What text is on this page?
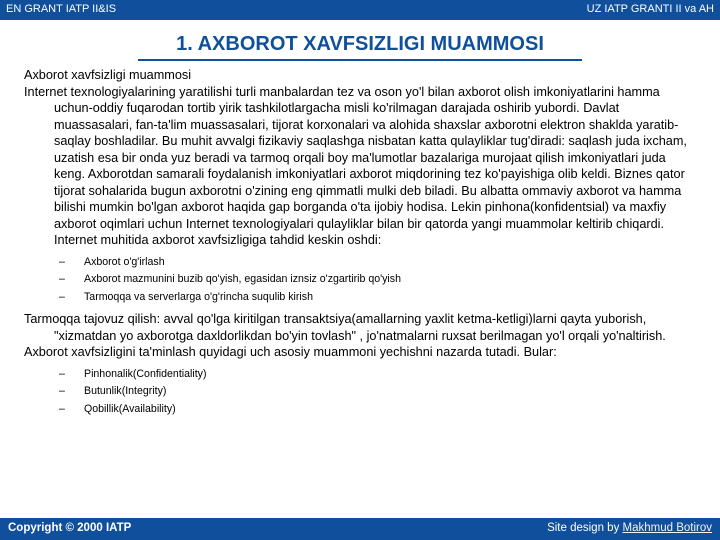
EN GRANT IATP II&IS	UZ IATP GRANTI II va AH
1. AXBOROT XAVFSIZLIGI MUAMMOSI

Axborot xavfsizligi muammosi

Internet texnologiyalarining yaratilishi turli manbalardan tez va oson yo'l bilan axborot olish imkoniyatlarini hamma uchun-oddiy fuqarodan tortib yirik tashkilotlargacha misli ko'rilmagan darajada oshirib yubordi. Davlat muassasalari, fan-ta'lim muassasalari, tijorat korxonalari va alohida shaxslar axborotni elektron shaklda yaratib-saqlay boshladilar. Bu muhit avvalgi fizikaviy saqlashga nisbatan katta qulayliklar tug'diradi: saqlash juda ixcham, uzatish esa bir onda yuz beradi va tarmoq orqali boy ma'lumotlar bazalariga murojaat qilish imkoniyatlari juda keng. Axborotdan samarali foydalanish imkoniyatlari axborot miqdorining tez ko'payishiga olib keldi. Biznes qator tijorat sohalarida bugun axborotni o'zining eng qimmatli mulki deb biladi. Bu albatta ommaviy axborot va hamma bilishi mumkin bo'lgan axborot haqida gap borganda o'ta ijobiy hodisa. Lekin pinhona(konfidentsial) va maxfiy axborot oqimlari uchun Internet texnologiyalari qulayliklar bilan bir qatorda yangi muammolar keltirib chiqardi. Internet muhitida axborot xavfsizligiga tahdid keskin oshdi:

– Axborot o'g'irlash
– Axborot mazmunini buzib qo'yish, egasidan iznsiz o'zgartirib qo'yish
– Tarmoqqa va serverlarga o'g'rincha suqulib kirish

Tarmoqqa tajovuz qilish: avval qo'lga kiritilgan transaktsiya(amallarning yaxlit ketma-ketligi)larni qayta yuborish, "xizmatdan yo axborotga daxldorlikdan bo'yin tovlash" , jo'natmalarni ruxsat berilmagan yo'l orqali yo'naltirish.

Axborot xavfsizligini ta'minlash quyidagi uch asosiy muammoni yechishni nazarda tutadi. Bular:

– Pinhonalik(Confidentiality)
– Butunlik(Integrity)
– Qobillik(Availability)
Copyright © 2000 IATP	Site design by Makhmud Botirov
